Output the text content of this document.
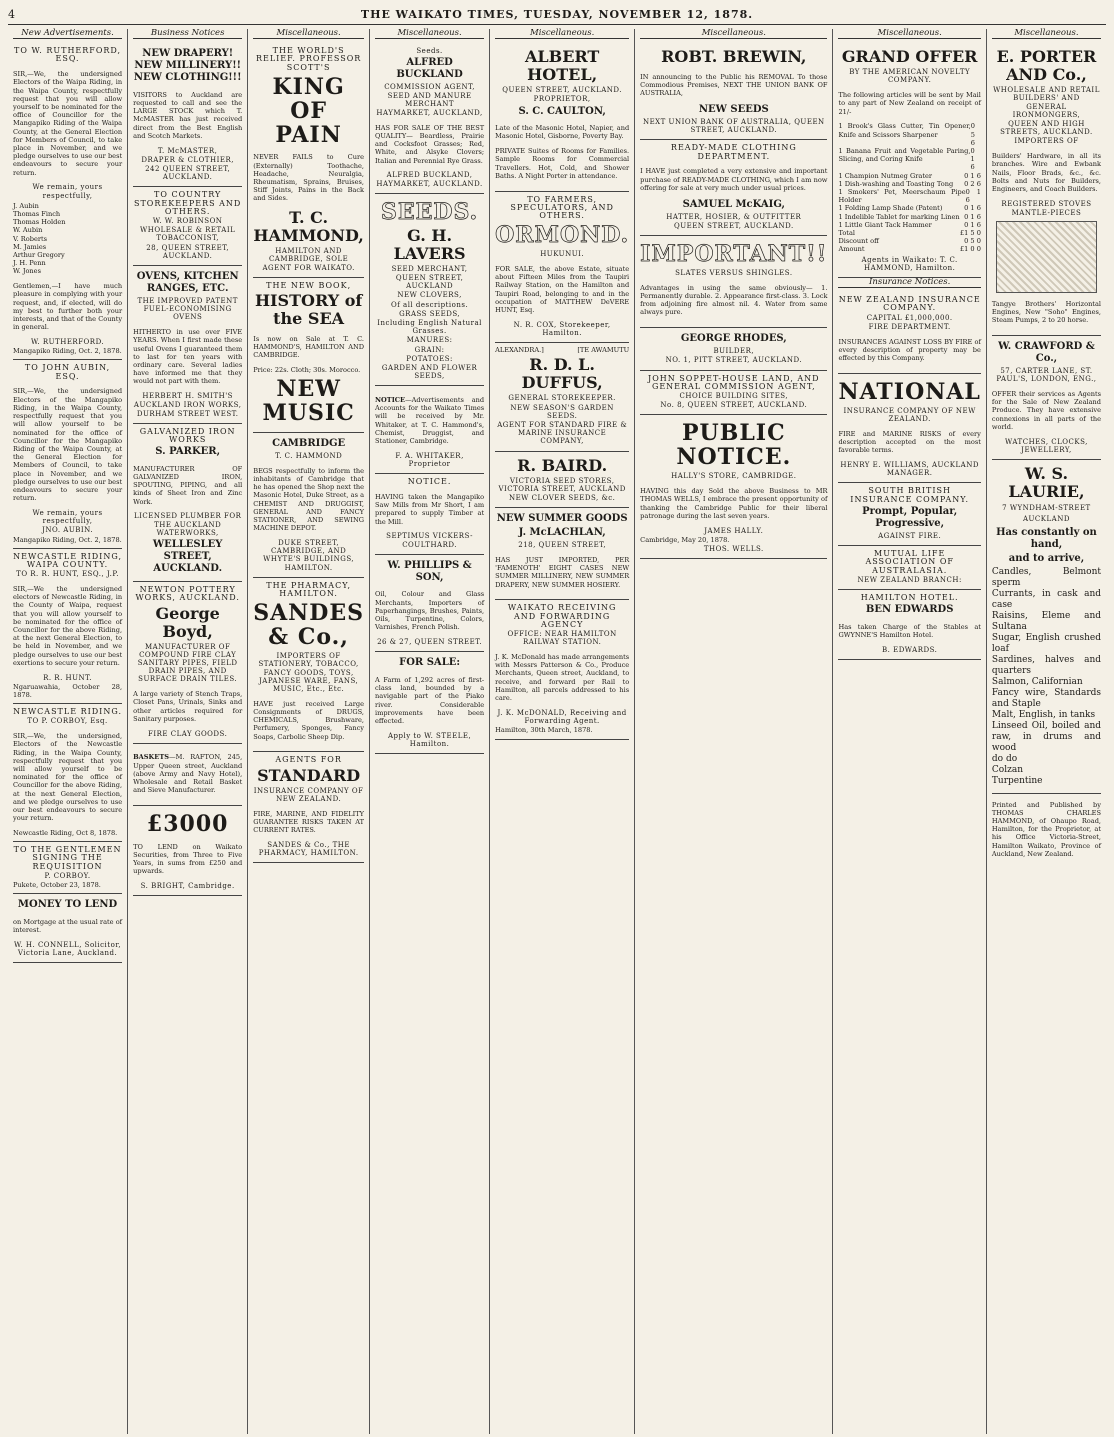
4	THE WAIKATO TIMES, TUESDAY, NOVEMBER 12, 1878.
New Advertisements.
TO W. RUTHERFORD, ESQ.

SIR,—We, the undersigned Electors of the Waipa Riding, in the Waipa County, respectfully request that you will allow yourself to be nominated for the office of Councillor for the Mangapiko Riding of the Waipa County, at the General Election for Members of Council, to take place in November, and we pledge ourselves to use our best endeavours to secure your return.

We remain, yours respectfully,
J. Aubin
Thomas Finch
Thomas Holden
W. Aubin
V. Roberts
M. Jamies
Arthur Gregory
J. H. Penn
W. Jones

Gentlemen,—I have much pleasure in complying with your request, and, if elected, will do my best to further both your interests, and that of the County in general.

W. RUTHERFORD.
Mangapiko Riding, Oct. 2, 1878.
TO JOHN AUBIN, ESQ.

SIR,—We, the undersigned Electors of the Mangapiko Riding, in the Waipa County, respectfully request that you will allow yourself to be nominated for the office of Councillor for the Mangapiko Riding of the Waipa County, at the General Election for Members of Council, to take place in November, and we pledge ourselves to use our best endeavours to secure your return.

We remain, yours respectfully,
JNO. AUBIN.
Mangapiko Riding, Oct. 2, 1878.
NEWCASTLE RIDING, WAIPA COUNTY.
TO R. R. HUNT, ESQ., J.P.

SIR,—We the undersigned electors of Newcastle Riding, in the County of Waipa, request that you will allow yourself to be nominated for the office of Councillor for the above Riding, at the next General Election, to be held in November, and we pledge ourselves to use our best exertions to secure your return.

R. R. HUNT.
Ngaruawahia, October 28, 1878.
NEWCASTLE RIDING.
TO P. CORBOY, Esq.

SIR,—We, the undersigned, Electors of the Newcastle Riding, in the Waipa County, respectfully request that you will allow yourself to be nominated for the office of Councillor for the above Riding, at the next General Election, and we pledge ourselves to use our best endeavours to secure your return.

Newcastle Riding, Oct 8, 1878.
TO THE GENTLEMEN SIGNING THE REQUISITION
P. CORBOY.
Pukete, October 23, 1878.
MONEY TO LEND

on Mortgage at the usual rate of interest.

W. H. CONNELL, Solicitor, Victoria Lane, Auckland.
Business Notices
NEW DRAPERY! NEW MILLINERY!! NEW CLOTHING!!!

VISITORS to Auckland are requested to call and see the LARGE STOCK which T. McMASTER has just received direct from the Best English and Scotch Markets.

T. McMASTER,
DRAPER & CLOTHIER,
242 QUEEN STREET, AUCKLAND.
TO COUNTRY STOREKEEPERS AND OTHERS.
W. W. ROBINSON
WHOLESALE & RETAIL TOBACCONIST,
28, QUEEN STREET, AUCKLAND.
OVENS, KITCHEN RANGES, ETC.
THE IMPROVED PATENT FUEL-ECONOMISING OVENS

HITHERTO in use over FIVE YEARS. When I first made these useful Ovens I guaranteed them to last for ten years with ordinary care. Several ladies have informed me that they would not part with them.

HERBERT H. SMITH'S
AUCKLAND IRON WORKS, DURHAM STREET WEST.
GALVANIZED IRON WORKS
S. PARKER,

MANUFACTURER OF GALVANIZED IRON, SPOUTING, PIPING, and all kinds of Sheet Iron and Zinc Work.

LICENSED PLUMBER FOR THE AUCKLAND WATERWORKS,
WELLESLEY STREET, AUCKLAND.
NEWTON POTTERY WORKS, AUCKLAND.
George Boyd,
MANUFACTURER OF COMPOUND FIRE CLAY SANITARY PIPES, FIELD DRAIN PIPES, AND SURFACE DRAIN TILES.

A large variety of Stench Traps, Closet Pans, Urinals, Sinks and other articles required for Sanitary purposes.

FIRE CLAY GOODS.

BASKETS—M. RAFTON, 245, Upper Queen street, Auckland (above Army and Navy Hotel), Wholesale and Retail Basket and Sieve Manufacturer.

£3000

TO LEND on Waikato Securities, from Three to Five Years, in sums from £250 and upwards.

S. BRIGHT, Cambridge.
Miscellaneous.
THE WORLD'S RELIEF. PROFESSOR SCOTT'S
KING OF PAIN

NEVER FAILS to Cure (Externally) Toothache, Headache, Neuralgia, Rheumatism, Sprains, Bruises, Stiff Joints, Pains in the Back and Sides.

T. C. HAMMOND,
HAMILTON AND CAMBRIDGE, SOLE AGENT FOR WAIKATO.
THE NEW BOOK,
HISTORY of the SEA

Is now on Sale at T. C. HAMMOND'S, HAMILTON AND CAMBRIDGE.

Price: 22s. Cloth; 30s. Morocco.
NEW MUSIC
CAMBRIDGE
T. C. HAMMOND

BEGS respectfully to inform the inhabitants of Cambridge that he has opened the Shop next the Masonic Hotel, Duke Street, as a CHEMIST AND DRUGGIST, GENERAL AND FANCY STATIONER, AND SEWING MACHINE DEPOT.

DUKE STREET, CAMBRIDGE, AND WHYTE'S BUILDINGS, HAMILTON.
THE PHARMACY, HAMILTON.
SANDES & Co.,
IMPORTERS OF STATIONERY, TOBACCO, FANCY GOODS, TOYS, JAPANESE WARE, FANS, MUSIC, Etc., Etc.

HAVE just received Large Consignments of DRUGS, CHEMICALS, Brushware, Perfumery, Sponges, Fancy Soaps, Carbolic Sheep Dip.

AGENTS FOR
STANDARD
INSURANCE COMPANY OF NEW ZEALAND.

FIRE, MARINE, AND FIDELITY GUARANTEE RISKS TAKEN AT CURRENT RATES.

SANDES & Co., THE PHARMACY, HAMILTON.
Miscellaneous.
Seeds.
ALFRED BUCKLAND
COMMISSION AGENT, SEED AND MANURE MERCHANT
HAYMARKET, AUCKLAND,

HAS FOR SALE OF THE BEST QUALITY— Beardless, Prairie and Cocksfoot Grasses; Red, White, and Alsyke Clovers; Italian and Perennial Rye Grass.

ALFRED BUCKLAND, HAYMARKET, AUCKLAND.
SEEDS.
G. H. LAVERS
SEED MERCHANT,
QUEEN STREET, AUCKLAND
NEW CLOVERS,
Of all descriptions.
GRASS SEEDS,
Including English Natural Grasses.
MANURES:
GRAIN:
POTATOES:
GARDEN AND FLOWER SEEDS,

NOTICE—Advertisements and Accounts for the Waikato Times will be received by Mr. Whitaker, at T. C. Hammond's, Chemist, Druggist, and Stationer, Cambridge.

F. A. WHITAKER, Proprietor
NOTICE.

HAVING taken the Mangapiko Saw Mills from Mr Short, I am prepared to supply Timber at the Mill.

SEPTIMUS VICKERS-COULTHARD.
W. PHILLIPS & SON,

Oil, Colour and Glass Merchants, Importers of Paperhangings, Brushes, Paints, Oils, Turpentine, Colors, Varnishes, French Polish.

26 & 27, QUEEN STREET.
FOR SALE:

A Farm of 1,292 acres of first-class land, bounded by a navigable part of the Piako river. Considerable improvements have been effected.

Apply to W. STEELE, Hamilton.
Miscellaneous.
ALBERT HOTEL,
QUEEN STREET, AUCKLAND.
PROPRIETOR,
S. C. CAULTON,

Late of the Masonic Hotel, Napier, and Masonic Hotel, Gisborne, Poverty Bay.

PRIVATE Suites of Rooms for Families. Sample Rooms for Commercial Travellers. Hot, Cold, and Shower Baths. A Night Porter in attendance.

TO FARMERS, SPECULATORS, AND OTHERS.
ORMOND.
HUKUNUI.

FOR SALE, the above Estate, situate about Fifteen Miles from the Taupiri Railway Station, on the Hamilton and Taupiri Road, belonging to and in the occupation of MATTHEW DeVERE HUNT, Esq.

N. R. COX, Storekeeper, Hamilton.
ALEXANDRA.]	[TE AWAMUTU
R. D. L. DUFFUS,
GENERAL STOREKEEPER.
NEW SEASON'S GARDEN SEEDS.
AGENT FOR STANDARD FIRE & MARINE INSURANCE COMPANY,
R. BAIRD.
VICTORIA SEED STORES, VICTORIA STREET, AUCKLAND
NEW CLOVER SEEDS, &c.
NEW SUMMER GOODS
J. McLACHLAN,
218, QUEEN STREET,

HAS JUST IMPORTED, PER 'FAMENOTH' EIGHT CASES NEW SUMMER MILLINERY, NEW SUMMER DRAPERY, NEW SUMMER HOSIERY.

WAIKATO RECEIVING AND FORWARDING AGENCY
OFFICE: NEAR HAMILTON RAILWAY STATION.

J. K. McDonald has made arrangements with Messrs Patterson & Co., Produce Merchants, Queen street, Auckland, to receive, and forward per Rail to Hamilton, all parcels addressed to his care.

J. K. McDONALD, Receiving and Forwarding Agent.
Hamilton, 30th March, 1878.
Miscellaneous.
ROBT. BREWIN,

IN announcing to the Public his REMOVAL To those Commodious Premises, NEXT THE UNION BANK OF AUSTRALIA,

NEW SEEDS
NEXT UNION BANK OF AUSTRALIA, QUEEN STREET, AUCKLAND.
READY-MADE CLOTHING DEPARTMENT.

I HAVE just completed a very extensive and important purchase of READY-MADE CLOTHING, which I am now offering for sale at very much under usual prices.

SAMUEL McKAIG,
HATTER, HOSIER, & OUTFITTER
QUEEN STREET, AUCKLAND.
IMPORTANT!!
SLATES VERSUS SHINGLES.

Advantages in using the same obviously— 1. Permanently durable. 2. Appearance first-class. 3. Lock from adjoining fire almost nil. 4. Water from same always pure.

GEORGE RHODES,
BUILDER,
NO. 1, PITT STREET, AUCKLAND.
JOHN SOPPET-HOUSE LAND, AND GENERAL COMMISSION AGENT,
CHOICE BUILDING SITES,
No. 8, QUEEN STREET, AUCKLAND.
PUBLIC NOTICE.
HALLY'S STORE, CAMBRIDGE.

HAVING this day Sold the above Business to MR THOMAS WELLS, I embrace the present opportunity of thanking the Cambridge Public for their liberal patronage during the last seven years.

JAMES HALLY.
Cambridge, May 20, 1878.
THOS. WELLS.
Miscellaneous.
GRAND OFFER
BY THE AMERICAN NOVELTY COMPANY.

The following articles will be sent by Mail to any part of New Zealand on receipt of 21/-

1 Brook's Glass Cutter, Tin Opener, Knife and Scissors Sharpener
0 5 6
1 Banana Fruit and Vegetable Paring, Slicing, and Coring Knife
0 1 6
1 Champion Nutmeg Grater	0 1 6
1 Dish-washing and Toasting Tong 0 2 6
1 Smokers' Pet, Meerschaum Pipe Holder
0 1 6
1 Folding Lamp Shade (Patent)	0 1 6
1 Indelible Tablet for marking Linen 0 1 6
1 Little Giant Tack Hammer	0 1 6
Total	£1 5 0
Discount off	0 5 0
Amount	£1 0 0
Agents in Waikato: T. C. HAMMOND, Hamilton.
Insurance Notices.
NEW ZEALAND INSURANCE COMPANY.
CAPITAL £1,000,000.
FIRE DEPARTMENT.

INSURANCES AGAINST LOSS BY FIRE of every description of property may be effected by this Company.

NATIONAL
INSURANCE COMPANY OF NEW ZEALAND.

FIRE and MARINE RISKS of every description accepted on the most favorable terms.

HENRY E. WILLIAMS, AUCKLAND MANAGER.
SOUTH BRITISH INSURANCE COMPANY.
Prompt, Popular, Progressive,
AGAINST FIRE.
MUTUAL LIFE ASSOCIATION OF AUSTRALASIA.
NEW ZEALAND BRANCH:
HAMILTON HOTEL.
BEN EDWARDS

Has taken Charge of the Stables at GWYNNE'S Hamilton Hotel.

B. EDWARDS.
Miscellaneous.
E. PORTER AND Co.,
WHOLESALE AND RETAIL BUILDERS' AND GENERAL IRONMONGERS,
QUEEN AND HIGH STREETS, AUCKLAND.
IMPORTERS OF

Builders' Hardware, in all its branches. Wire and Ewbank Nails, Floor Brads, &c., &c. Bolts and Nuts for Builders, Engineers, and Coach Builders.

REGISTERED STOVES
MANTLE-PIECES

Tangye Brothers' Horizontal Engines, New "Soho" Engines, Steam Pumps, 2 to 20 horse.

W. CRAWFORD & Co.,
57, CARTER LANE, ST. PAUL'S, LONDON, ENG.,

OFFER their services as Agents for the Sale of New Zealand Produce. They have extensive connexions in all parts of the world.

WATCHES, CLOCKS, JEWELLERY,
W. S. LAURIE,
7 WYNDHAM-STREET AUCKLAND
Has constantly on hand,
and to arrive,
Candles, Belmont sperm
Currants, in cask and case
Raisins, Eleme and Sultana
Sugar, English crushed loaf
Sardines, halves and quarters
Salmon, Californian
Fancy wire, Standards and Staple
Malt, English, in tanks
Linseed Oil, boiled and raw, in drums and wood
do do
Colzan
Turpentine

Printed and Published by THOMAS CHARLES HAMMOND, of Ohaupo Road, Hamilton, for the Proprietor, at his Office Victoria-Street, Hamilton Waikato, Province of Auckland, New Zealand.
